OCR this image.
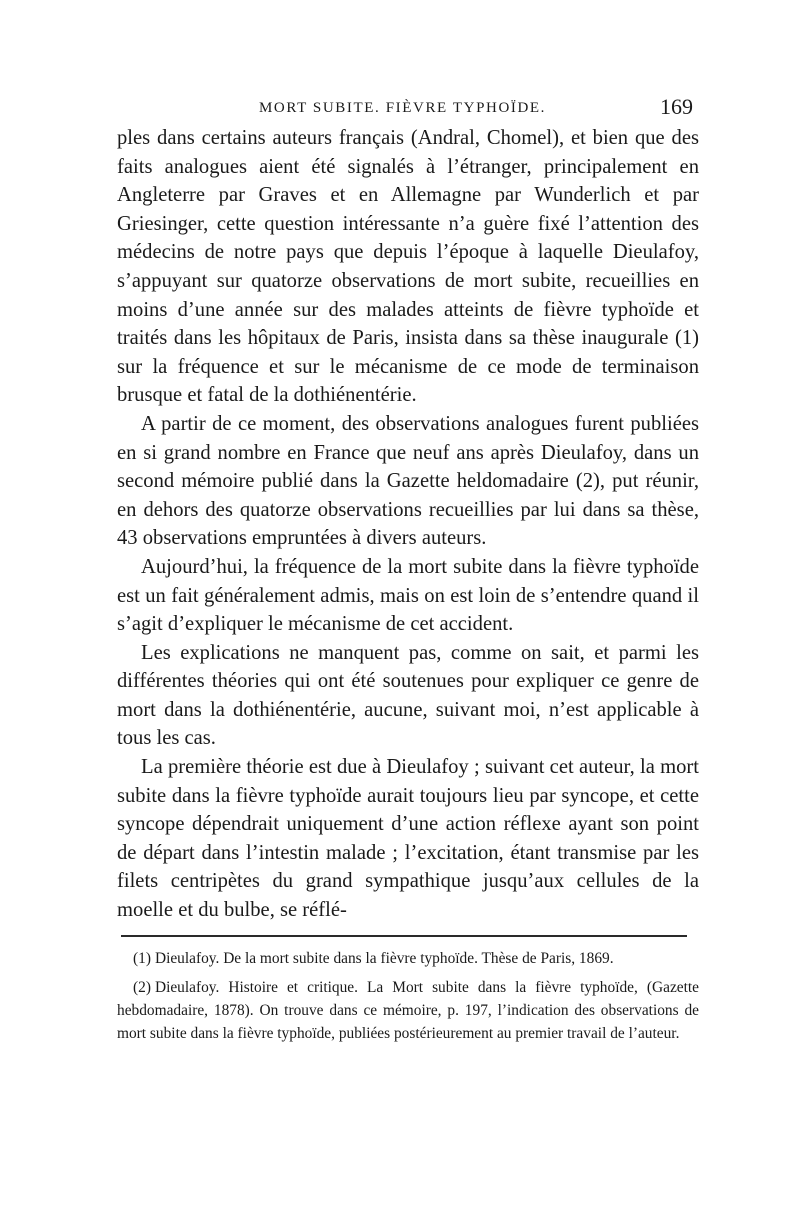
MORT SUBITE. FIÈVRE TYPHOÏDE.	169

ples dans certains auteurs français (Andral, Chomel), et bien que des faits analogues aient été signalés à l’étranger, principalement en Angleterre par Graves et en Allemagne par Wunderlich et par Griesinger, cette question intéressante n’a guère fixé l’attention des médecins de notre pays que depuis l’époque à laquelle Dieulafoy, s’appuyant sur quatorze observations de mort subite, recueillies en moins d’une année sur des malades atteints de fièvre typhoïde et traités dans les hôpitaux de Paris, insista dans sa thèse inaugurale (1) sur la fréquence et sur le mécanisme de ce mode de terminaison brusque et fatal de la dothiénentérie.

A partir de ce moment, des observations analogues furent publiées en si grand nombre en France que neuf ans après Dieulafoy, dans un second mémoire publié dans la Gazette heldomadaire (2), put réunir, en dehors des quatorze observations recueillies par lui dans sa thèse, 43 observations empruntées à divers auteurs.

Aujourd’hui, la fréquence de la mort subite dans la fièvre typhoïde est un fait généralement admis, mais on est loin de s’entendre quand il s’agit d’expliquer le mécanisme de cet accident.

Les explications ne manquent pas, comme on sait, et parmi les différentes théories qui ont été soutenues pour expliquer ce genre de mort dans la dothiénentérie, aucune, suivant moi, n’est applicable à tous les cas.

La première théorie est due à Dieulafoy ; suivant cet auteur, la mort subite dans la fièvre typhoïde aurait toujours lieu par syncope, et cette syncope dépendrait uniquement d’une action réflexe ayant son point de départ dans l’intestin malade ; l’excitation, étant transmise par les filets centripètes du grand sympathique jusqu’aux cellules de la moelle et du bulbe, se réflé-

(1) Dieulafoy. De la mort subite dans la fièvre typhoïde. Thèse de Paris, 1869.

(2) Dieulafoy. Histoire et critique. La Mort subite dans la fièvre typhoïde, (Gazette hebdomadaire, 1878). On trouve dans ce mémoire, p. 197, l’indication des observations de mort subite dans la fièvre typhoïde, publiées postérieurement au premier travail de l’auteur.
